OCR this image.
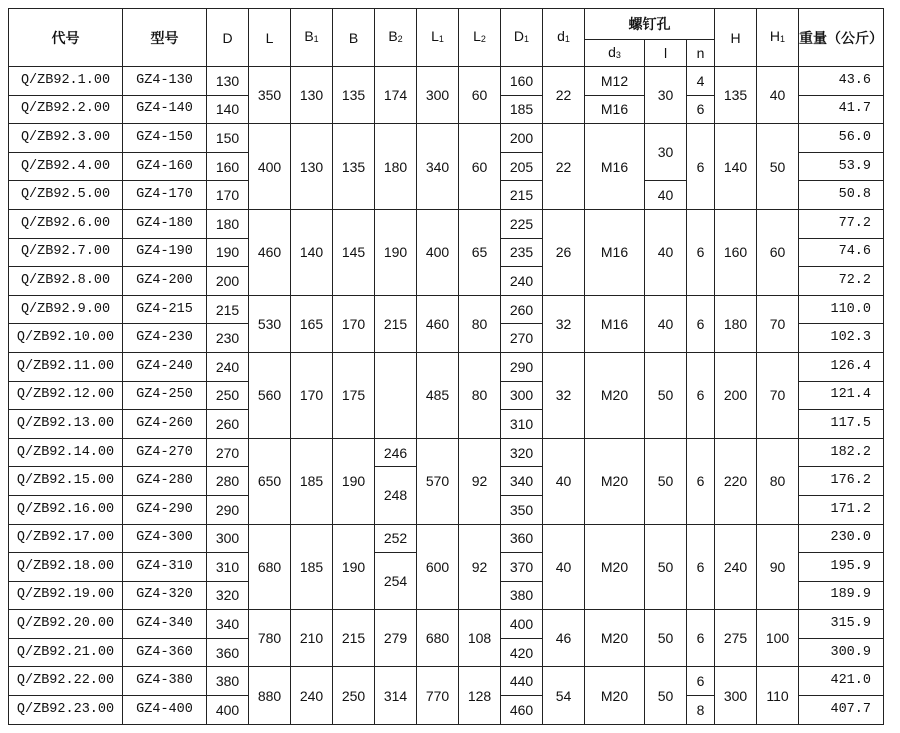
代号	型号	D	L	$B_1$	B	$B_2$	$L_1$	$L_2$	$D_1$	$d_1$	螺钉孔			H	$H_1$	重量（公斤）
											$d_3$	l	n			
Q/ZB92.1.00	GZ4-130	130	350	130	135	174	300	60	160	22	M12	30	4	135	40	43.6
Q/ZB92.2.00	GZ4-140	140							185		M16		6			41.7
Q/ZB92.3.00	GZ4-150	150	400	130	135	180	340	60	200	22	M16	30	6	140	50	56.0
Q/ZB92.4.00	GZ4-160	160							205							53.9
Q/ZB92.5.00	GZ4-170	170							215			40				50.8
Q/ZB92.6.00	GZ4-180	180	460	140	145	190	400	65	225	26	M16	40	6	160	60	77.2
Q/ZB92.7.00	GZ4-190	190							235							74.6
Q/ZB92.8.00	GZ4-200	200							240							72.2
Q/ZB92.9.00	GZ4-215	215	530	165	170	215	460	80	260	32	M16	40	6	180	70	110.0
Q/ZB92.10.00	GZ4-230	230							270							102.3
Q/ZB92.11.00	GZ4-240	240	560	170	175		485	80	290	32	M20	50	6	200	70	126.4
Q/ZB92.12.00	GZ4-250	250							300							121.4
Q/ZB92.13.00	GZ4-260	260							310							117.5
Q/ZB92.14.00	GZ4-270	270	650	185	190	246	570	92	320	40	M20	50	6	220	80	182.2
Q/ZB92.15.00	GZ4-280	280				248			340							176.2
Q/ZB92.16.00	GZ4-290	290							350							171.2
Q/ZB92.17.00	GZ4-300	300	680	185	190	252	600	92	360	40	M20	50	6	240	90	230.0
Q/ZB92.18.00	GZ4-310	310				254			370							195.9
Q/ZB92.19.00	GZ4-320	320							380							189.9
Q/ZB92.20.00	GZ4-340	340	780	210	215	279	680	108	400	46	M20	50	6	275	100	315.9
Q/ZB92.21.00	GZ4-360	360							420							300.9
Q/ZB92.22.00	GZ4-380	380	880	240	250	314	770	128	440	54	M20	50	6	300	110	421.0
Q/ZB92.23.00	GZ4-400	400							460				8			407.7
